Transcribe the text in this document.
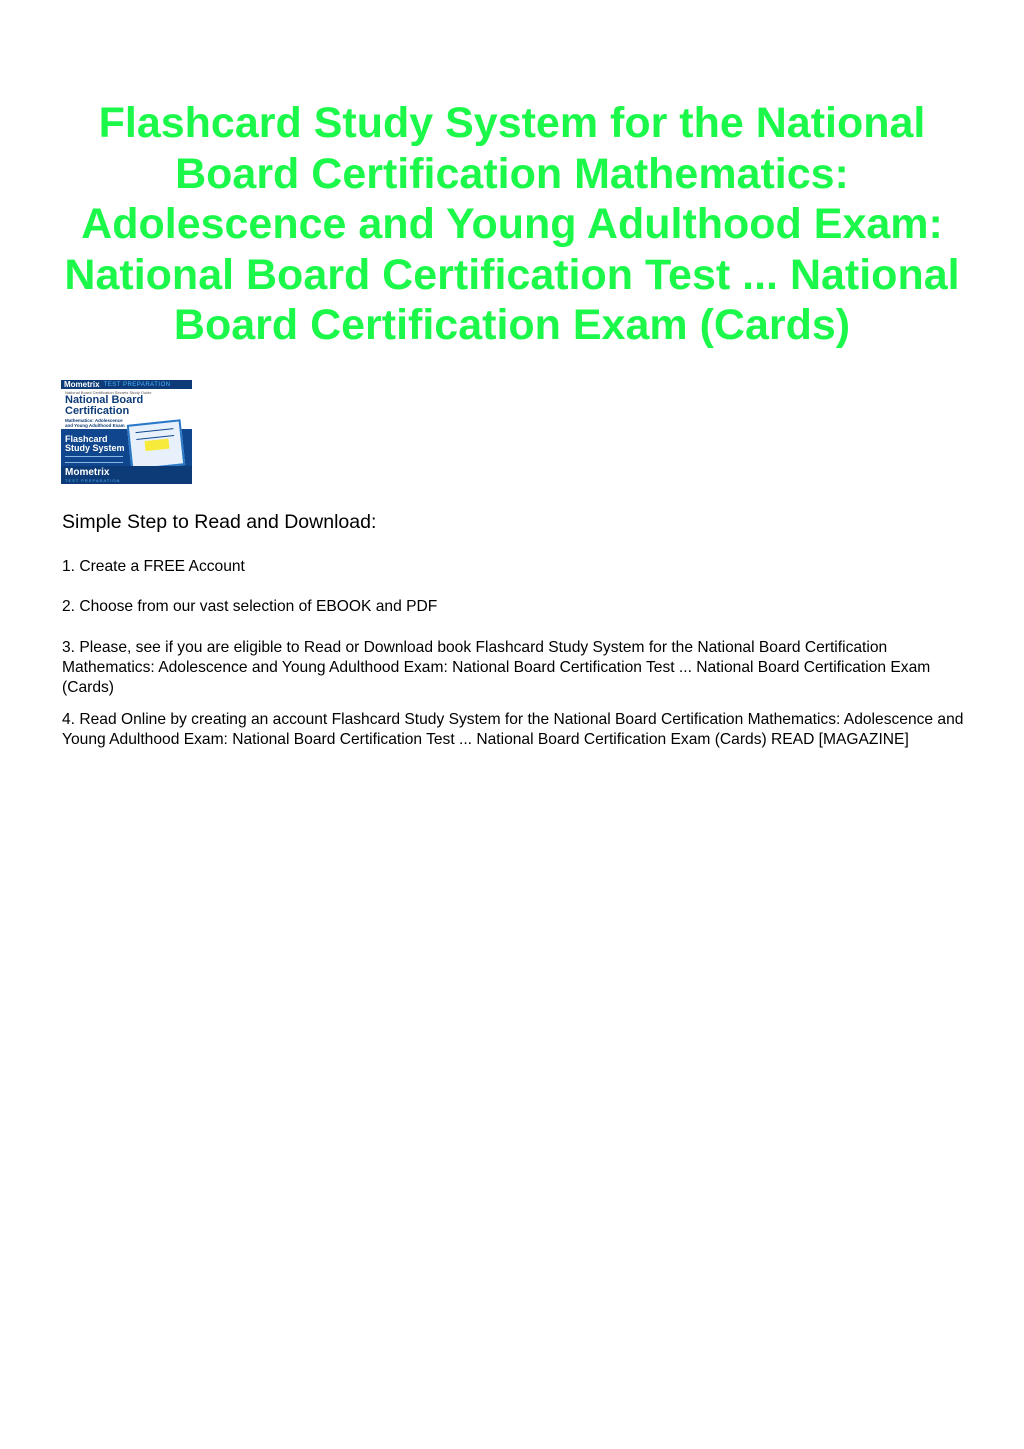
Flashcard Study System for the National Board Certification Mathematics: Adolescence and Young Adulthood Exam: National Board Certification Test ... National Board Certification Exam (Cards)
Mometrix TEST PREPARATION
National Board Certification Secrets Study Guide
National Board
Certification
Mathematics: Adolescence
and Young Adulthood Exam
Flashcard
Study System
Mometrix
TEST PREPARATION
Simple Step to Read and Download:

1. Create a FREE Account

2. Choose from our vast selection of EBOOK and PDF

3. Please, see if you are eligible to Read or Download book Flashcard Study System for the National Board Certification Mathematics: Adolescence and Young Adulthood Exam: National Board Certification Test ... National Board Certification Exam (Cards)

4. Read Online by creating an account Flashcard Study System for the National Board Certification Mathematics: Adolescence and Young Adulthood Exam: National Board Certification Test ... National Board Certification Exam (Cards) READ [MAGAZINE]
